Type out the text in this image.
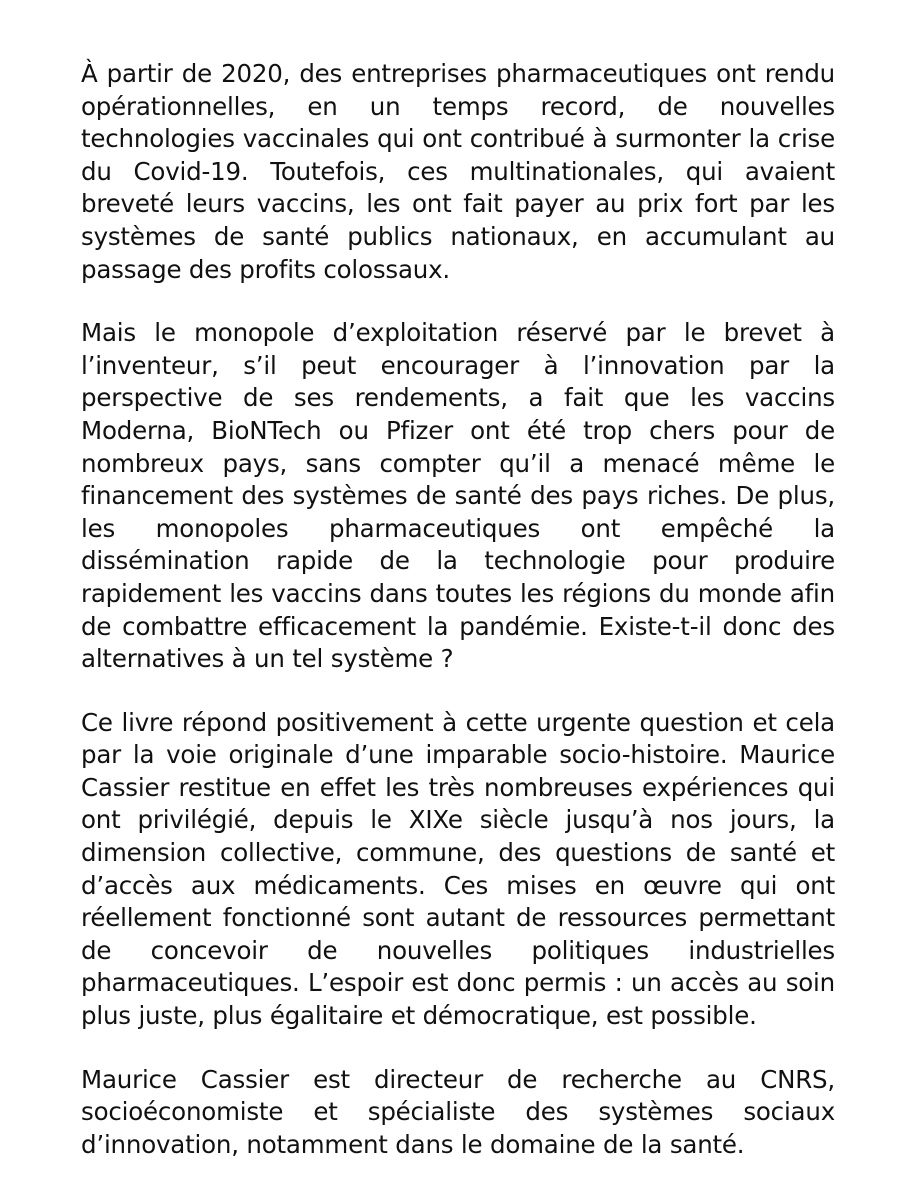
À partir de 2020, des entreprises pharmaceutiques ont rendu opérationnelles, en un temps record, de nouvelles technologies vaccinales qui ont contribué à surmonter la crise du Covid-19. Toutefois, ces multinationales, qui avaient breveté leurs vaccins, les ont fait payer au prix fort par les systèmes de santé publics nationaux, en accumulant au passage des profits colossaux.

Mais le monopole d’exploitation réservé par le brevet à l’inventeur, s’il peut encourager à l’innovation par la perspective de ses rendements, a fait que les vaccins Moderna, BioNTech ou Pfizer ont été trop chers pour de nombreux pays, sans compter qu’il a menacé même le financement des systèmes de santé des pays riches. De plus, les monopoles pharmaceutiques ont empêché la dissémination rapide de la technologie pour produire rapidement les vaccins dans toutes les régions du monde afin de combattre efficacement la pandémie. Existe-t-il donc des alternatives à un tel système ?

Ce livre répond positivement à cette urgente question et cela par la voie originale d’une imparable socio-histoire. Maurice Cassier restitue en effet les très nombreuses expériences qui ont privilégié, depuis le XIXe siècle jusqu’à nos jours, la dimension collective, commune, des questions de santé et d’accès aux médicaments. Ces mises en œuvre qui ont réellement fonctionné sont autant de ressources permettant de concevoir de nouvelles politiques industrielles pharmaceutiques. L’espoir est donc permis : un accès au soin plus juste, plus égalitaire et démocratique, est possible.

Maurice Cassier est directeur de recherche au CNRS, socioéconomiste et spécialiste des systèmes sociaux d’innovation, notamment dans le domaine de la santé.
